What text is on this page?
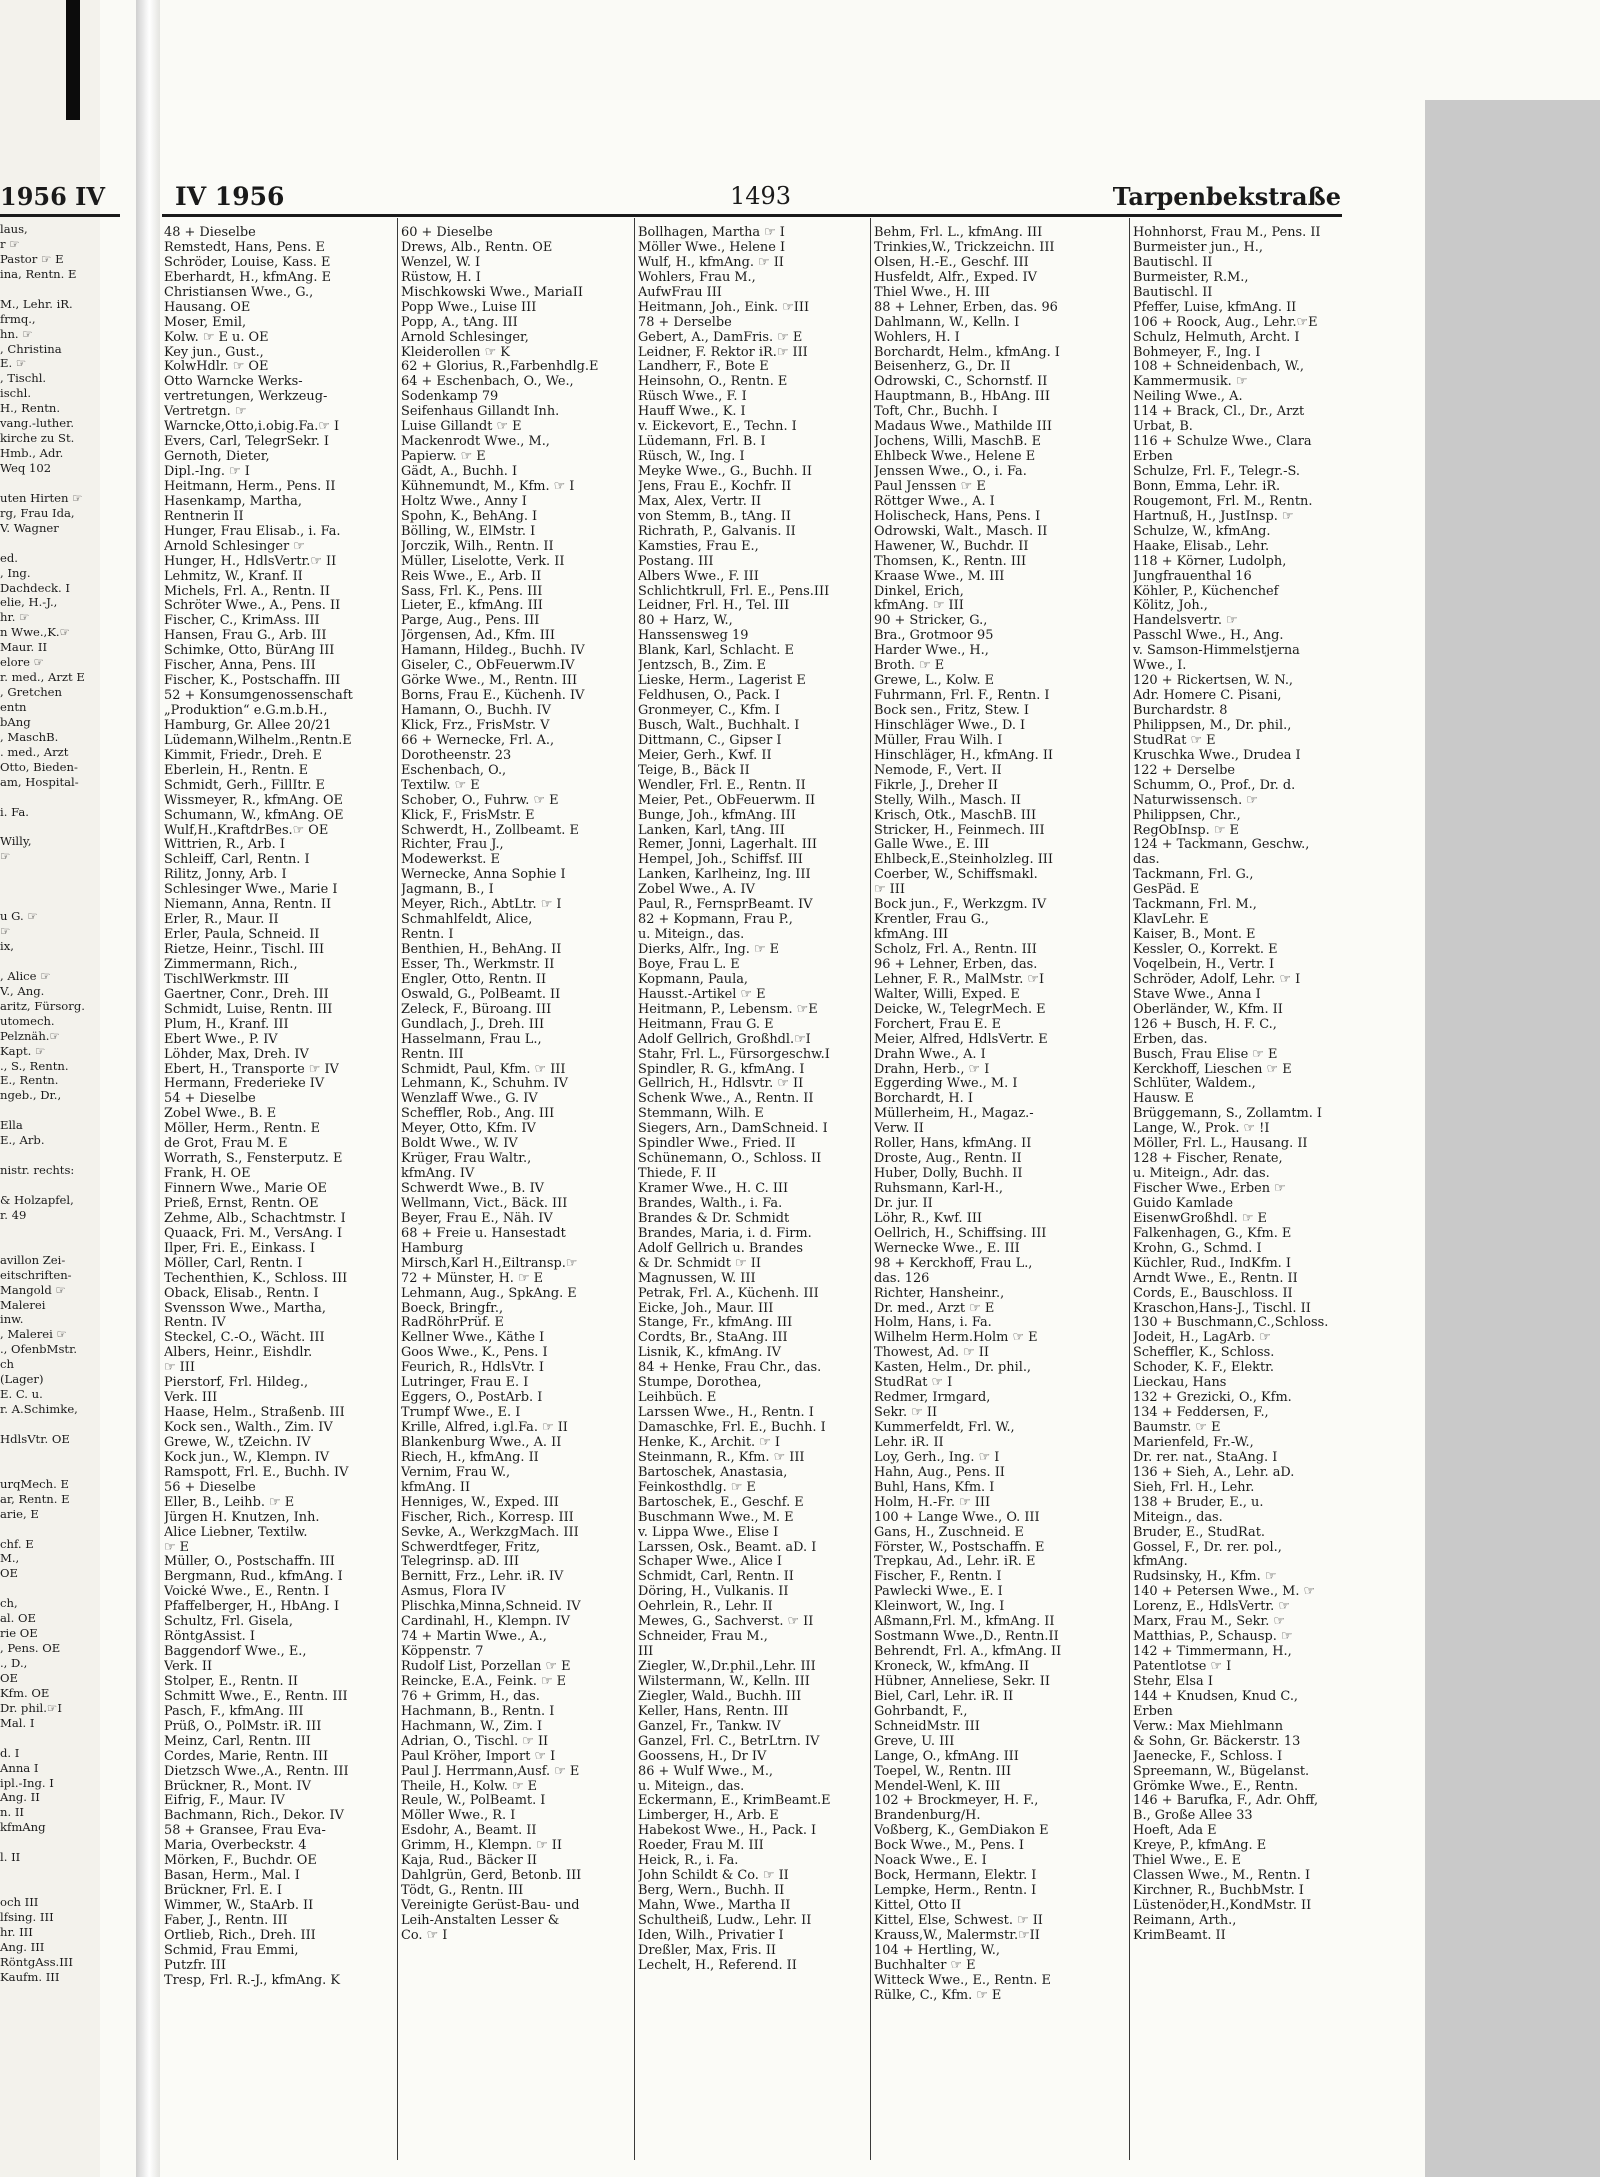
1956 IV
laus,
r ☞
Pastor ☞ E
ina, Rentn. E
M., Lehr. iR.
frmq.,
hn. ☞
, Christina
E. ☞
, Tischl.
ischl.
H., Rentn.
vang.-luther.
kirche zu St.
Hmb., Adr.
Weq 102
uten Hirten ☞
rg, Frau Ida,
V. Wagner
ed.
, Ing.
Dachdeck. I
elie, H.-J.,
hr. ☞
n Wwe.,K.☞
Maur. II
elore ☞
r. med., Arzt E
, Gretchen
entn
bAng
, MaschB.
. med., Arzt
Otto, Bieden-
am, Hospital-
i. Fa.
Willy,
☞
u G. ☞
☞
ix,
, Alice ☞
V., Ang.
aritz, Fürsorg.
utomech.
Pelznäh.☞
Kapt. ☞
., S., Rentn.
E., Rentn.
ngeb., Dr.,
Ella
E., Arb.
nistr. rechts:
& Holzapfel,
r. 49
avillon Zei-
eitschriften-
Mangold ☞
Malerei
inw.
, Malerei ☞
., OfenbMstr.
ch
(Lager)
E. C. u.
r. A.Schimke,
HdlsVtr. OE
urqMech. E
ar, Rentn. E
arie, E
chf. E
M.,
OE
ch,
al. OE
rie OE
, Pens. OE
., D.,
OE
Kfm. OE
Dr. phil.☞I
Mal. I
d. I
Anna I
ipl.-Ing. I
Ang. II
n. II
kfmAng
l. II
och III
lfsing. III
hr. III
Ang. III
RöntgAss.III
Kaufm. III
IV 1956	1493	Tarpenbekstraße
48 + Dieselbe
Remstedt, Hans, Pens. E
Schröder, Louise, Kass. E
Eberhardt, H., kfmAng. E
Christiansen Wwe., G.,
Hausang. OE
Moser, Emil,
Kolw. ☞ E u. OE
Key jun., Gust.,
KolwHdlr. ☞ OE
Otto Warncke Werks-
vertretungen, Werkzeug-
Vertretgn. ☞
Warncke,Otto,i.obig.Fa.☞ I
Evers, Carl, TelegrSekr. I
Gernoth, Dieter,
Dipl.-Ing. ☞ I
Heitmann, Herm., Pens. II
Hasenkamp, Martha,
Rentnerin II
Hunger, Frau Elisab., i. Fa.
Arnold Schlesinger ☞
Hunger, H., HdlsVertr.☞ II
Lehmitz, W., Kranf. II
Michels, Frl. A., Rentn. II
Schröter Wwe., A., Pens. II
Fischer, C., KrimAss. III
Hansen, Frau G., Arb. III
Schimke, Otto, BürAng III
Fischer, Anna, Pens. III
Fischer, K., Postschaffn. III
52 + Konsumgenossenschaft
„Produktion“ e.G.m.b.H.,
Hamburg, Gr. Allee 20/21
Lüdemann,Wilhelm.,Rentn.E
Kimmit, Friedr., Dreh. E
Eberlein, H., Rentn. E
Schmidt, Gerh., FillItr. E
Wissmeyer, R., kfmAng. OE
Schumann, W., kfmAng. OE
Wulf,H.,KraftdrBes.☞ OE
Wittrien, R., Arb. I
Schleiff, Carl, Rentn. I
Rilitz, Jonny, Arb. I
Schlesinger Wwe., Marie I
Niemann, Anna, Rentn. II
Erler, R., Maur. II
Erler, Paula, Schneid. II
Rietze, Heinr., Tischl. III
Zimmermann, Rich.,
TischlWerkmstr. III
Gaertner, Conr., Dreh. III
Schmidt, Luise, Rentn. III
Plum, H., Kranf. III
Ebert Wwe., P. IV
Löhder, Max, Dreh. IV
Ebert, H., Transporte ☞ IV
Hermann, Frederieke IV
54 + Dieselbe
Zobel Wwe., B. E
Möller, Herm., Rentn. E
de Grot, Frau M. E
Worrath, S., Fensterputz. E
Frank, H. OE
Finnern Wwe., Marie OE
Prieß, Ernst, Rentn. OE
Zehme, Alb., Schachtmstr. I
Quaack, Fri. M., VersAng. I
Ilper, Fri. E., Einkass. I
Möller, Carl, Rentn. I
Techenthien, K., Schloss. III
Oback, Elisab., Rentn. I
Svensson Wwe., Martha,
Rentn. IV
Steckel, C.-O., Wächt. III
Albers, Heinr., Eishdlr.
☞ III
Pierstorf, Frl. Hildeg.,
Verk. III
Haase, Helm., Straßenb. III
Kock sen., Walth., Zim. IV
Grewe, W., tZeichn. IV
Kock jun., W., Klempn. IV
Ramspott, Frl. E., Buchh. IV
56 + Dieselbe
Eller, B., Leihb. ☞ E
Jürgen H. Knutzen, Inh.
Alice Liebner, Textilw.
☞ E
Müller, O., Postschaffn. III
Bergmann, Rud., kfmAng. I
Voické Wwe., E., Rentn. I
Pfaffelberger, H., HbAng. I
Schultz, Frl. Gisela,
RöntgAssist. I
Baggendorf Wwe., E.,
Verk. II
Stolper, E., Rentn. II
Schmitt Wwe., E., Rentn. III
Pasch, F., kfmAng. III
Prüß, O., PolMstr. iR. III
Meinz, Carl, Rentn. III
Cordes, Marie, Rentn. III
Dietzsch Wwe.,A., Rentn. III
Brückner, R., Mont. IV
Eifrig, F., Maur. IV
Bachmann, Rich., Dekor. IV
58 + Gransee, Frau Eva-
Maria, Overbeckstr. 4
Mörken, F., Buchdr. OE
Basan, Herm., Mal. I
Brückner, Frl. E. I
Wimmer, W., StaArb. II
Faber, J., Rentn. III
Ortlieb, Rich., Dreh. III
Schmid, Frau Emmi,
Putzfr. III
Tresp, Frl. R.-J., kfmAng. K
60 + Dieselbe
Drews, Alb., Rentn. OE
Wenzel, W. I
Rüstow, H. I
Mischkowski Wwe., MariaII
Popp Wwe., Luise III
Popp, A., tAng. III
Arnold Schlesinger,
Kleiderollen ☞ K
62 + Glorius, R.,Farbenhdlg.E
64 + Eschenbach, O., We.,
Sodenkamp 79
Seifenhaus Gillandt Inh.
Luise Gillandt ☞ E
Mackenrodt Wwe., M.,
Papierw. ☞ E
Gädt, A., Buchh. I
Kühnemundt, M., Kfm. ☞ I
Holtz Wwe., Anny I
Spohn, K., BehAng. I
Bölling, W., ElMstr. I
Jorczik, Wilh., Rentn. II
Müller, Liselotte, Verk. II
Reis Wwe., E., Arb. II
Sass, Frl. K., Pens. III
Lieter, E., kfmAng. III
Parge, Aug., Pens. III
Jörgensen, Ad., Kfm. III
Hamann, Hildeg., Buchh. IV
Giseler, C., ObFeuerwm.IV
Görke Wwe., M., Rentn. III
Borns, Frau E., Küchenh. IV
Hamann, O., Buchh. IV
Klick, Frz., FrisMstr. V
66 + Wernecke, Frl. A.,
Dorotheenstr. 23
Eschenbach, O.,
Textilw. ☞ E
Schober, O., Fuhrw. ☞ E
Klick, F., FrisMstr. E
Schwerdt, H., Zollbeamt. E
Richter, Frau J.,
Modewerkst. E
Wernecke, Anna Sophie I
Jagmann, B., I
Meyer, Rich., AbtLtr. ☞ I
Schmahlfeldt, Alice,
Rentn. I
Benthien, H., BehAng. II
Esser, Th., Werkmstr. II
Engler, Otto, Rentn. II
Oswald, G., PolBeamt. II
Zeleck, F., Büroang. III
Gundlach, J., Dreh. III
Hasselmann, Frau L.,
Rentn. III
Schmidt, Paul, Kfm. ☞ III
Lehmann, K., Schuhm. IV
Wenzlaff Wwe., G. IV
Scheffler, Rob., Ang. III
Meyer, Otto, Kfm. IV
Boldt Wwe., W. IV
Krüger, Frau Waltr.,
kfmAng. IV
Schwerdt Wwe., B. IV
Wellmann, Vict., Bäck. III
Beyer, Frau E., Näh. IV
68 + Freie u. Hansestadt
Hamburg
Mirsch,Karl H.,Eiltransp.☞
72 + Münster, H. ☞ E
Lehmann, Aug., SpkAng. E
Boeck, Bringfr.,
RadRöhrPrüf. E
Kellner Wwe., Käthe I
Goos Wwe., K., Pens. I
Feurich, R., HdlsVtr. I
Lutringer, Frau E. I
Eggers, O., PostArb. I
Trumpf Wwe., E. I
Krille, Alfred, i.gl.Fa. ☞ II
Blankenburg Wwe., A. II
Riech, H., kfmAng. II
Vernim, Frau W.,
kfmAng. II
Henniges, W., Exped. III
Fischer, Rich., Korresp. III
Sevke, A., WerkzgMach. III
Schwerdtfeger, Fritz,
Telegrinsp. aD. III
Bernitt, Frz., Lehr. iR. IV
Asmus, Flora IV
Plischka,Minna,Schneid. IV
Cardinahl, H., Klempn. IV
74 + Martin Wwe., A.,
Köppenstr. 7
Rudolf List, Porzellan ☞ E
Reincke, E.A., Feink. ☞ E
76 + Grimm, H., das.
Hachmann, B., Rentn. I
Hachmann, W., Zim. I
Adrian, O., Tischl. ☞ II
Paul Kröher, Import ☞ I
Paul J. Herrmann,Ausf. ☞ E
Theile, H., Kolw. ☞ E
Reule, W., PolBeamt. I
Möller Wwe., R. I
Esdohr, A., Beamt. II
Grimm, H., Klempn. ☞ II
Kaja, Rud., Bäcker II
Dahlgrün, Gerd, Betonb. III
Tödt, G., Rentn. III
Vereinigte Gerüst-Bau- und
Leih-Anstalten Lesser &
Co. ☞ I
Bollhagen, Martha ☞ I
Möller Wwe., Helene I
Wulf, H., kfmAng. ☞ II
Wohlers, Frau M.,
AufwFrau III
Heitmann, Joh., Eink. ☞III
78 + Derselbe
Gebert, A., DamFris. ☞ E
Leidner, F. Rektor iR.☞ III
Landherr, F., Bote E
Heinsohn, O., Rentn. E
Rüsch Wwe., F. I
Hauff Wwe., K. I
v. Eickevort, E., Techn. I
Lüdemann, Frl. B. I
Rüsch, W., Ing. I
Meyke Wwe., G., Buchh. II
Jens, Frau E., Kochfr. II
Max, Alex, Vertr. II
von Stemm, B., tAng. II
Richrath, P., Galvanis. II
Kamsties, Frau E.,
Postang. III
Albers Wwe., F. III
Schlichtkrull, Frl. E., Pens.III
Leidner, Frl. H., Tel. III
80 + Harz, W.,
Hanssensweg 19
Blank, Karl, Schlacht. E
Jentzsch, B., Zim. E
Lieske, Herm., Lagerist E
Feldhusen, O., Pack. I
Gronmeyer, C., Kfm. I
Busch, Walt., Buchhalt. I
Dittmann, C., Gipser I
Meier, Gerh., Kwf. II
Teige, B., Bäck II
Wendler, Frl. E., Rentn. II
Meier, Pet., ObFeuerwm. II
Bunge, Joh., kfmAng. III
Lanken, Karl, tAng. III
Remer, Jonni, Lagerhalt. III
Hempel, Joh., Schiffsf. III
Lanken, Karlheinz, Ing. III
Zobel Wwe., A. IV
Paul, R., FernsprBeamt. IV
82 + Kopmann, Frau P.,
u. Miteign., das.
Dierks, Alfr., Ing. ☞ E
Boye, Frau L. E
Kopmann, Paula,
Hausst.-Artikel ☞ E
Heitmann, P., Lebensm. ☞E
Heitmann, Frau G. E
Adolf Gellrich, Großhdl.☞I
Stahr, Frl. L., Fürsorgeschw.I
Spindler, R. G., kfmAng. I
Gellrich, H., Hdlsvtr. ☞ II
Schenk Wwe., A., Rentn. II
Stemmann, Wilh. E
Siegers, Arn., DamSchneid. I
Spindler Wwe., Fried. II
Schünemann, O., Schloss. II
Thiede, F. II
Kramer Wwe., H. C. III
Brandes, Walth., i. Fa.
Brandes & Dr. Schmidt
Brandes, Maria, i. d. Firm.
Adolf Gellrich u. Brandes
& Dr. Schmidt ☞ II
Magnussen, W. III
Petrak, Frl. A., Küchenh. III
Eicke, Joh., Maur. III
Stange, Fr., kfmAng. III
Cordts, Br., StaAng. III
Lisnik, K., kfmAng. IV
84 + Henke, Frau Chr., das.
Stumpe, Dorothea,
Leihbüch. E
Larssen Wwe., H., Rentn. I
Damaschke, Frl. E., Buchh. I
Henke, K., Archit. ☞ I
Steinmann, R., Kfm. ☞ III
Bartoschek, Anastasia,
Feinkosthdlg. ☞ E
Bartoschek, E., Geschf. E
Buschmann Wwe., M. E
v. Lippa Wwe., Elise I
Larssen, Osk., Beamt. aD. I
Schaper Wwe., Alice I
Schmidt, Carl, Rentn. II
Döring, H., Vulkanis. II
Oehrlein, R., Lehr. II
Mewes, G., Sachverst. ☞ II
Schneider, Frau M.,
III
Ziegler, W.,Dr.phil.,Lehr. III
Wilstermann, W., Kelln. III
Ziegler, Wald., Buchh. III
Keller, Hans, Rentn. III
Ganzel, Fr., Tankw. IV
Ganzel, Frl. C., BetrLtrn. IV
Goossens, H., Dr IV
86 + Wulf Wwe., M.,
u. Miteign., das.
Eckermann, E., KrimBeamt.E
Limberger, H., Arb. E
Habekost Wwe., H., Pack. I
Roeder, Frau M. III
Heick, R., i. Fa.
John Schildt & Co. ☞ II
Berg, Wern., Buchh. II
Mahn, Wwe., Martha II
Schultheiß, Ludw., Lehr. II
Iden, Wilh., Privatier I
Dreßler, Max, Fris. II
Lechelt, H., Referend. II
Behm, Frl. L., kfmAng. III
Trinkies,W., Trickzeichn. III
Olsen, H.-E., Geschf. III
Husfeldt, Alfr., Exped. IV
Thiel Wwe., H. III
88 + Lehner, Erben, das. 96
Dahlmann, W., Kelln. I
Wohlers, H. I
Borchardt, Helm., kfmAng. I
Beisenherz, G., Dr. II
Odrowski, C., Schornstf. II
Hauptmann, B., HbAng. III
Toft, Chr., Buchh. I
Madaus Wwe., Mathilde III
Jochens, Willi, MaschB. E
Ehlbeck Wwe., Helene E
Jenssen Wwe., O., i. Fa.
Paul Jenssen ☞ E
Röttger Wwe., A. I
Holischeck, Hans, Pens. I
Odrowski, Walt., Masch. II
Hawener, W., Buchdr. II
Thomsen, K., Rentn. III
Kraase Wwe., M. III
Dinkel, Erich,
kfmAng. ☞ III
90 + Stricker, G.,
Bra., Grotmoor 95
Harder Wwe., H.,
Broth. ☞ E
Grewe, L., Kolw. E
Fuhrmann, Frl. F., Rentn. I
Bock sen., Fritz, Stew. I
Hinschläger Wwe., D. I
Müller, Frau Wilh. I
Hinschläger, H., kfmAng. II
Nemode, F., Vert. II
Fikrle, J., Dreher II
Stelly, Wilh., Masch. II
Krisch, Otk., MaschB. III
Stricker, H., Feinmech. III
Galle Wwe., E. III
Ehlbeck,E.,Steinholzleg. III
Coerber, W., Schiffsmakl.
☞ III
Bock jun., F., Werkzgm. IV
Krentler, Frau G.,
kfmAng. III
Scholz, Frl. A., Rentn. III
96 + Lehner, Erben, das.
Lehner, F. R., MalMstr. ☞I
Walter, Willi, Exped. E
Deicke, W., TelegrMech. E
Forchert, Frau E. E
Meier, Alfred, HdlsVertr. E
Drahn Wwe., A. I
Drahn, Herb., ☞ I
Eggerding Wwe., M. I
Borchardt, H. I
Müllerheim, H., Magaz.-
Verw. II
Roller, Hans, kfmAng. II
Droste, Aug., Rentn. II
Huber, Dolly, Buchh. II
Ruhsmann, Karl-H.,
Dr. jur. II
Löhr, R., Kwf. III
Oellrich, H., Schiffsing. III
Wernecke Wwe., E. III
98 + Kerckhoff, Frau L.,
das. 126
Richter, Hansheinr.,
Dr. med., Arzt ☞ E
Holm, Hans, i. Fa.
Wilhelm Herm.Holm ☞ E
Thowest, Ad. ☞ II
Kasten, Helm., Dr. phil.,
StudRat ☞ I
Redmer, Irmgard,
Sekr. ☞ II
Kummerfeldt, Frl. W.,
Lehr. iR. II
Loy, Gerh., Ing. ☞ I
Hahn, Aug., Pens. II
Buhl, Hans, Kfm. I
Holm, H.-Fr. ☞ III
100 + Lange Wwe., O. III
Gans, H., Zuschneid. E
Förster, W., Postschaffn. E
Trepkau, Ad., Lehr. iR. E
Fischer, F., Rentn. I
Pawlecki Wwe., E. I
Kleinwort, W., Ing. I
Aßmann,Frl. M., kfmAng. II
Sostmann Wwe.,D., Rentn.II
Behrendt, Frl. A., kfmAng. II
Kroneck, W., kfmAng. II
Hübner, Anneliese, Sekr. II
Biel, Carl, Lehr. iR. II
Gohrbandt, F.,
SchneidMstr. III
Greve, U. III
Lange, O., kfmAng. III
Toepel, W., Rentn. III
Mendel-Wenl, K. III
102 + Brockmeyer, H. F.,
Brandenburg/H.
Voßberg, K., GemDiakon E
Bock Wwe., M., Pens. I
Noack Wwe., E. I
Bock, Hermann, Elektr. I
Lempke, Herm., Rentn. I
Kittel, Otto II
Kittel, Else, Schwest. ☞ II
Krauss,W., Malermstr.☞II
104 + Hertling, W.,
Buchhalter ☞ E
Witteck Wwe., E., Rentn. E
Rülke, C., Kfm. ☞ E
Hohnhorst, Frau M., Pens. II
Burmeister jun., H.,
Bautischl. II
Burmeister, R.M.,
Bautischl. II
Pfeffer, Luise, kfmAng. II
106 + Roock, Aug., Lehr.☞E
Schulz, Helmuth, Archt. I
Bohmeyer, F., Ing. I
108 + Schneidenbach, W.,
Kammermusik. ☞
Neiling Wwe., A.
114 + Brack, Cl., Dr., Arzt
Urbat, B.
116 + Schulze Wwe., Clara
Erben
Schulze, Frl. F., Telegr.-S.
Bonn, Emma, Lehr. iR.
Rougemont, Frl. M., Rentn.
Hartnuß, H., JustInsp. ☞
Schulze, W., kfmAng.
Haake, Elisab., Lehr.
118 + Körner, Ludolph,
Jungfrauenthal 16
Köhler, P., Küchenchef
Kölitz, Joh.,
Handelsvertr. ☞
Passchl Wwe., H., Ang.
v. Samson-Himmelstjerna
Wwe., I.
120 + Rickertsen, W. N.,
Adr. Homere C. Pisani,
Burchardstr. 8
Philippsen, M., Dr. phil.,
StudRat ☞ E
Kruschka Wwe., Drudea I
122 + Derselbe
Schumm, O., Prof., Dr. d.
Naturwissensch. ☞
Philippsen, Chr.,
RegObInsp. ☞ E
124 + Tackmann, Geschw.,
das.
Tackmann, Frl. G.,
GesPäd. E
Tackmann, Frl. M.,
KlavLehr. E
Kaiser, B., Mont. E
Kessler, O., Korrekt. E
Voqelbein, H., Vertr. I
Schröder, Adolf, Lehr. ☞ I
Stave Wwe., Anna I
Oberländer, W., Kfm. II
126 + Busch, H. F. C.,
Erben, das.
Busch, Frau Elise ☞ E
Kerckhoff, Lieschen ☞ E
Schlüter, Waldem.,
Hausw. E
Brüggemann, S., Zollamtm. I
Lange, W., Prok. ☞ !I
Möller, Frl. L., Hausang. II
128 + Fischer, Renate,
u. Miteign., Adr. das.
Fischer Wwe., Erben ☞
Guido Kamlade
EisenwGroßhdl. ☞ E
Falkenhagen, G., Kfm. E
Krohn, G., Schmd. I
Küchler, Rud., IndKfm. I
Arndt Wwe., E., Rentn. II
Cords, E., Bauschloss. II
Kraschon,Hans-J., Tischl. II
130 + Buschmann,C.,Schloss.
Jodeit, H., LagArb. ☞
Scheffler, K., Schloss.
Schoder, K. F., Elektr.
Lieckau, Hans
132 + Grezicki, O., Kfm.
134 + Feddersen, F.,
Baumstr. ☞ E
Marienfeld, Fr.-W.,
Dr. rer. nat., StaAng. I
136 + Sieh, A., Lehr. aD.
Sieh, Frl. H., Lehr.
138 + Bruder, E., u.
Miteign., das.
Bruder, E., StudRat.
Gossel, F., Dr. rer. pol.,
kfmAng.
Rudsinsky, H., Kfm. ☞
140 + Petersen Wwe., M. ☞
Lorenz, E., HdlsVertr. ☞
Marx, Frau M., Sekr. ☞
Matthias, P., Schausp. ☞
142 + Timmermann, H.,
Patentlotse ☞ I
Stehr, Elsa I
144 + Knudsen, Knud C.,
Erben
Verw.: Max Miehlmann
& Sohn, Gr. Bäckerstr. 13
Jaenecke, F., Schloss. I
Spreemann, W., Bügelanst.
Grömke Wwe., E., Rentn.
146 + Barufka, F., Adr. Ohff,
B., Große Allee 33
Hoeft, Ada E
Kreye, P., kfmAng. E
Thiel Wwe., E. E
Classen Wwe., M., Rentn. I
Kirchner, R., BuchbMstr. I
Lüstenöder,H.,KondMstr. II
Reimann, Arth.,
KrimBeamt. II
